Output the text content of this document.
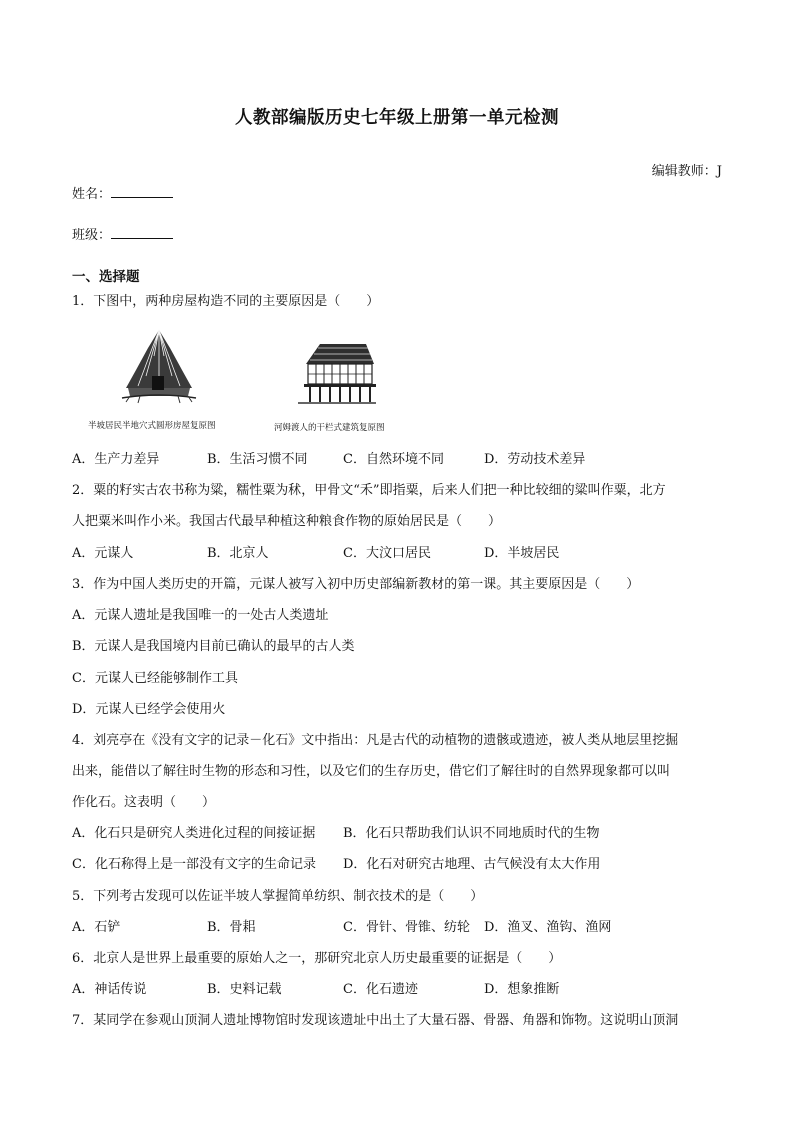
人教部编版历史七年级上册第一单元检测
编辑教师：J
姓名：
班级：
一、选择题
1．下图中，两种房屋构造不同的主要原因是（　　）
半坡居民半地穴式圆形房屋复原图	河姆渡人的干栏式建筑复原图
A．生产力差异	B．生活习惯不同	C．自然环境不同	D．劳动技术差异
2．粟的籽实古农书称为粱，糯性粟为秫，甲骨文“禾”即指粟，后来人们把一种比较细的粱叫作粟，北方
人把粟米叫作小米。我国古代最早种植这种粮食作物的原始居民是（　　）
A．元谋人	B．北京人	C．大汶口居民	D．半坡居民
3．作为中国人类历史的开篇，元谋人被写入初中历史部编新教材的第一课。其主要原因是（　　）
A．元谋人遗址是我国唯一的一处古人类遗址
B．元谋人是我国境内目前已确认的最早的古人类
C．元谋人已经能够制作工具
D．元谋人已经学会使用火
4．刘亮亭在《没有文字的记录－化石》文中指出：凡是古代的动植物的遗骸或遗迹，被人类从地层里挖掘
出来，能借以了解往时生物的形态和习性，以及它们的生存历史，借它们了解往时的自然界现象都可以叫
作化石。这表明（　　）
A．化石只是研究人类进化过程的间接证据 B．化石只帮助我们认识不同地质时代的生物
C．化石称得上是一部没有文字的生命记录 D．化石对研究古地理、古气候没有太大作用
5．下列考古发现可以佐证半坡人掌握简单纺织、制衣技术的是（　　）
A．石铲	B．骨耜	C．骨针、骨锥、纺轮 D．渔叉、渔钩、渔网
6．北京人是世界上最重要的原始人之一，那研究北京人历史最重要的证据是（　　）
A．神话传说	B．史料记载	C．化石遗迹	D．想象推断
7．某同学在参观山顶洞人遗址博物馆时发现该遗址中出土了大量石器、骨器、角器和饰物。这说明山顶洞
